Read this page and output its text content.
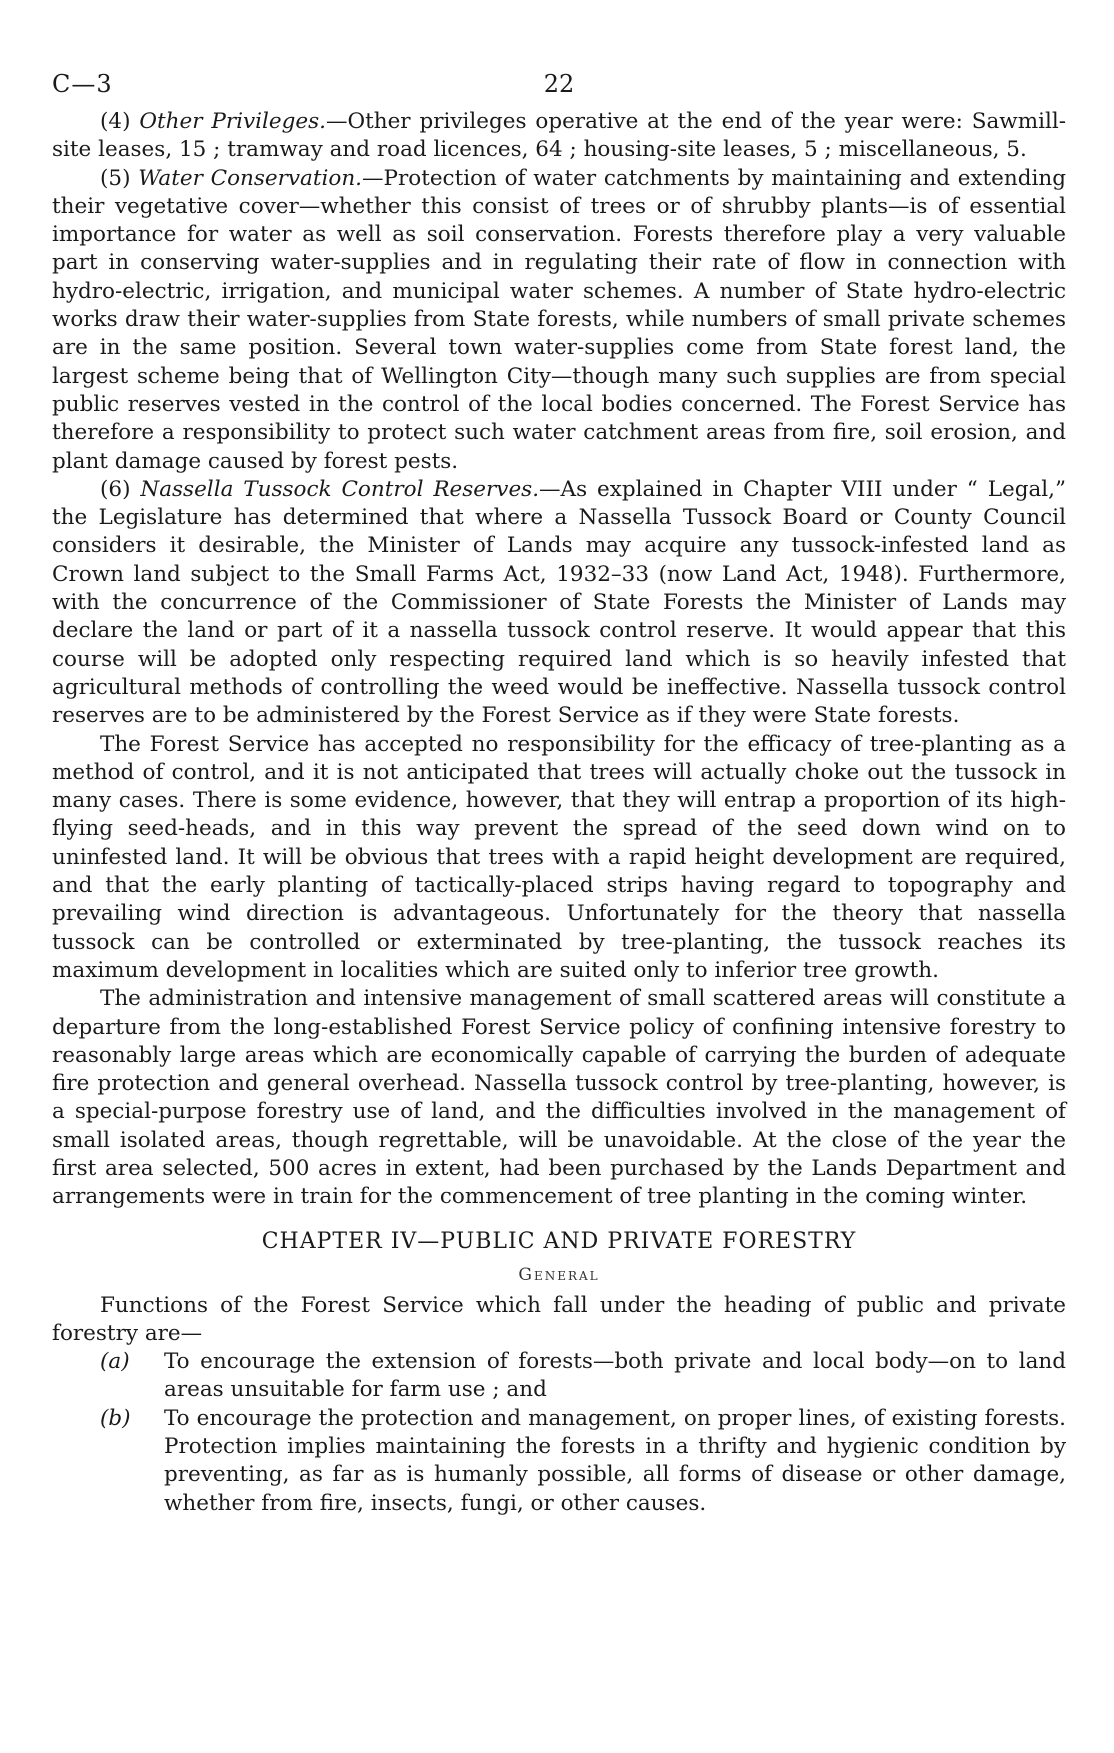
C—3	22

(4) Other Privileges.—Other privileges operative at the end of the year were: Sawmill-site leases, 15 ; tramway and road licences, 64 ; housing-site leases, 5 ; miscellaneous, 5.

(5) Water Conservation.—Protection of water catchments by maintaining and extending their vegetative cover—whether this consist of trees or of shrubby plants—is of essential importance for water as well as soil conservation. Forests therefore play a very valuable part in conserving water-supplies and in regulating their rate of flow in connection with hydro-electric, irrigation, and municipal water schemes. A number of State hydro-electric works draw their water-supplies from State forests, while numbers of small private schemes are in the same position. Several town water-supplies come from State forest land, the largest scheme being that of Wellington City—though many such supplies are from special public reserves vested in the control of the local bodies concerned. The Forest Service has therefore a responsibility to protect such water catchment areas from fire, soil erosion, and plant damage caused by forest pests.

(6) Nassella Tussock Control Reserves.—As explained in Chapter VIII under “ Legal,” the Legislature has determined that where a Nassella Tussock Board or County Council considers it desirable, the Minister of Lands may acquire any tussock-infested land as Crown land subject to the Small Farms Act, 1932–33 (now Land Act, 1948). Furthermore, with the concurrence of the Commissioner of State Forests the Minister of Lands may declare the land or part of it a nassella tussock control reserve. It would appear that this course will be adopted only respecting required land which is so heavily infested that agricultural methods of controlling the weed would be ineffective. Nassella tussock control reserves are to be administered by the Forest Service as if they were State forests.

The Forest Service has accepted no responsibility for the efficacy of tree-planting as a method of control, and it is not anticipated that trees will actually choke out the tussock in many cases. There is some evidence, however, that they will entrap a proportion of its high-flying seed-heads, and in this way prevent the spread of the seed down wind on to uninfested land. It will be obvious that trees with a rapid height development are required, and that the early planting of tactically-placed strips having regard to topography and prevailing wind direction is advantageous. Unfortunately for the theory that nassella tussock can be controlled or exterminated by tree-planting, the tussock reaches its maximum development in localities which are suited only to inferior tree growth.

The administration and intensive management of small scattered areas will constitute a departure from the long-established Forest Service policy of confining intensive forestry to reasonably large areas which are economically capable of carrying the burden of adequate fire protection and general overhead. Nassella tussock control by tree-planting, however, is a special-purpose forestry use of land, and the difficulties involved in the management of small isolated areas, though regrettable, will be unavoidable. At the close of the year the first area selected, 500 acres in extent, had been purchased by the Lands Department and arrangements were in train for the commencement of tree planting in the coming winter.

CHAPTER IV—PUBLIC AND PRIVATE FORESTRY
General

Functions of the Forest Service which fall under the heading of public and private forestry are—

(a) To encourage the extension of forests—both private and local body—on to land areas unsuitable for farm use ; and
(b) To encourage the protection and management, on proper lines, of existing forests. Protection implies maintaining the forests in a thrifty and hygienic condition by preventing, as far as is humanly possible, all forms of disease or other damage, whether from fire, insects, fungi, or other causes.
